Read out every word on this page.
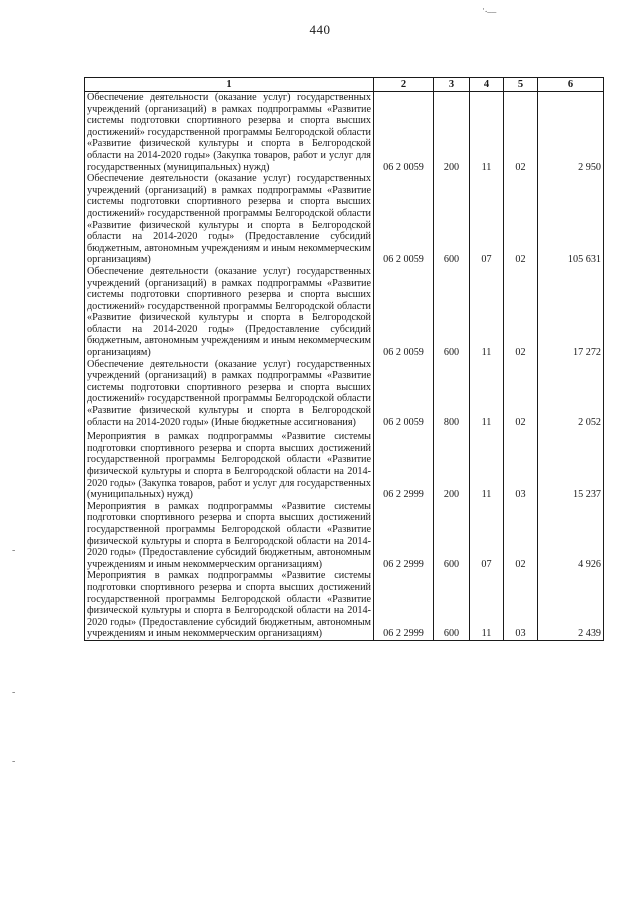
440
·.__
-
-
-
1	2	3	4	5	6
Обеспечение деятельности (оказание услуг) государственных учреждений (организаций) в рамках подпрограммы «Развитие системы подготовки спортивного резерва и спорта высших достижений» государственной программы Белгородской области «Развитие физической культуры и спорта в Белгородской области на 2014-2020 годы» (Закупка товаров, работ и услуг для государственных (муниципальных) нужд)	06 2 0059	200	11	02	2 950
Обеспечение деятельности (оказание услуг) государственных учреждений (организаций) в рамках подпрограммы «Развитие системы подготовки спортивного резерва и спорта высших достижений» государственной программы Белгородской области «Развитие физической культуры и спорта в Белгородской области на 2014-2020 годы» (Предоставление субсидий бюджетным, автономным учреждениям и иным некоммерческим организациям)	06 2 0059	600	07	02	105 631
Обеспечение деятельности (оказание услуг) государственных учреждений (организаций) в рамках подпрограммы «Развитие системы подготовки спортивного резерва и спорта высших достижений» государственной программы Белгородской области «Развитие физической культуры и спорта в Белгородской области на 2014-2020 годы» (Предоставление субсидий бюджетным, автономным учреждениям и иным некоммерческим организациям)	06 2 0059	600	11	02	17 272
Обеспечение деятельности (оказание услуг) государственных учреждений (организаций) в рамках подпрограммы «Развитие системы подготовки спортивного резерва и спорта высших достижений» государственной программы Белгородской области «Развитие физической культуры и спорта в Белгородской области на 2014-2020 годы» (Иные бюджетные ассигнования)	06 2 0059	800	11	02	2 052

Мероприятия в рамках подпрограммы «Развитие системы подготовки спортивного резерва и спорта высших достижений государственной программы Белгородской области «Развитие физической культуры и спорта в Белгородской области на 2014-2020 годы» (Закупка товаров, работ и услуг для государственных (муниципальных) нужд)	06 2 2999	200	11	03	15 237
Мероприятия в рамках подпрограммы «Развитие системы подготовки спортивного резерва и спорта высших достижений государственной программы Белгородской области «Развитие физической культуры и спорта в Белгородской области на 2014-2020 годы» (Предоставление субсидий бюджетным, автономным учреждениям и иным некоммерческим организациям)	06 2 2999	600	07	02	4 926
Мероприятия в рамках подпрограммы «Развитие системы подготовки спортивного резерва и спорта высших достижений государственной программы Белгородской области «Развитие физической культуры и спорта в Белгородской области на 2014-2020 годы» (Предоставление субсидий бюджетным, автономным учреждениям и иным некоммерческим организациям)	06 2 2999	600	11	03	2 439
